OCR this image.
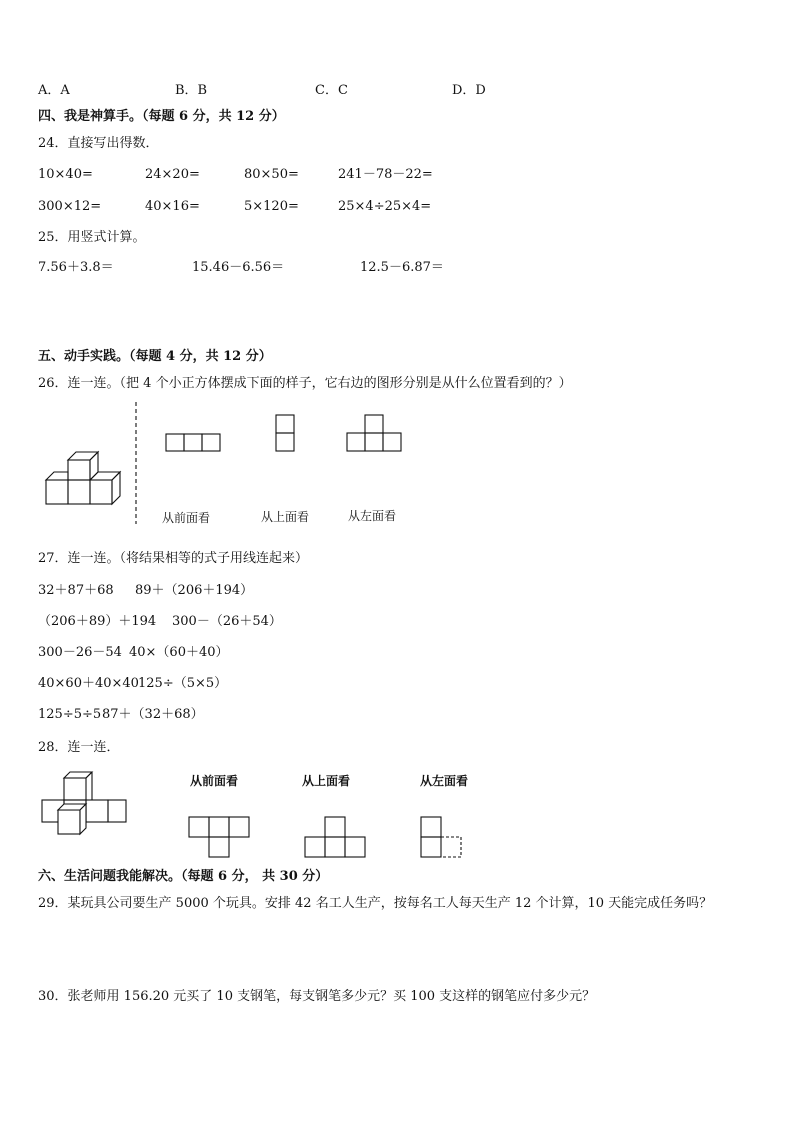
A．A	B．B	C．C	D．D
四、我是神算手。（每题 6 分，共 12 分）
24．直接写出得数．
10×40=	24×20=	80×50=	241－78－22=
300×12=	40×16=	5×120=	25×4÷25×4=
25．用竖式计算。
7.56＋3.8＝	15.46－6.56＝	12.5－6.87＝
五、动手实践。（每题 4 分，共 12 分）
26．连一连。（把 4 个小正方体摆成下面的样子，它右边的图形分别是从什么位置看到的？）
从前面看	从上面看	从左面看
27．连一连。（将结果相等的式子用线连起来）
32＋87＋68 89＋（206＋194）
（206＋89）＋194 300－（26＋54）
300－26－54 40×（60＋40）
40×60＋40×40 125÷（5×5）
125÷5÷5 87＋（32＋68）
28．连一连．
从前面看	从上面看	从左面看
六、生活问题我能解决。（每题 6 分， 共 30 分）
29．某玩具公司要生产 5000 个玩具。安排 42 名工人生产，按每名工人每天生产 12 个计算，10 天能完成任务吗？
30．张老师用 156.20 元买了 10 支钢笔，每支钢笔多少元？买 100 支这样的钢笔应付多少元？
